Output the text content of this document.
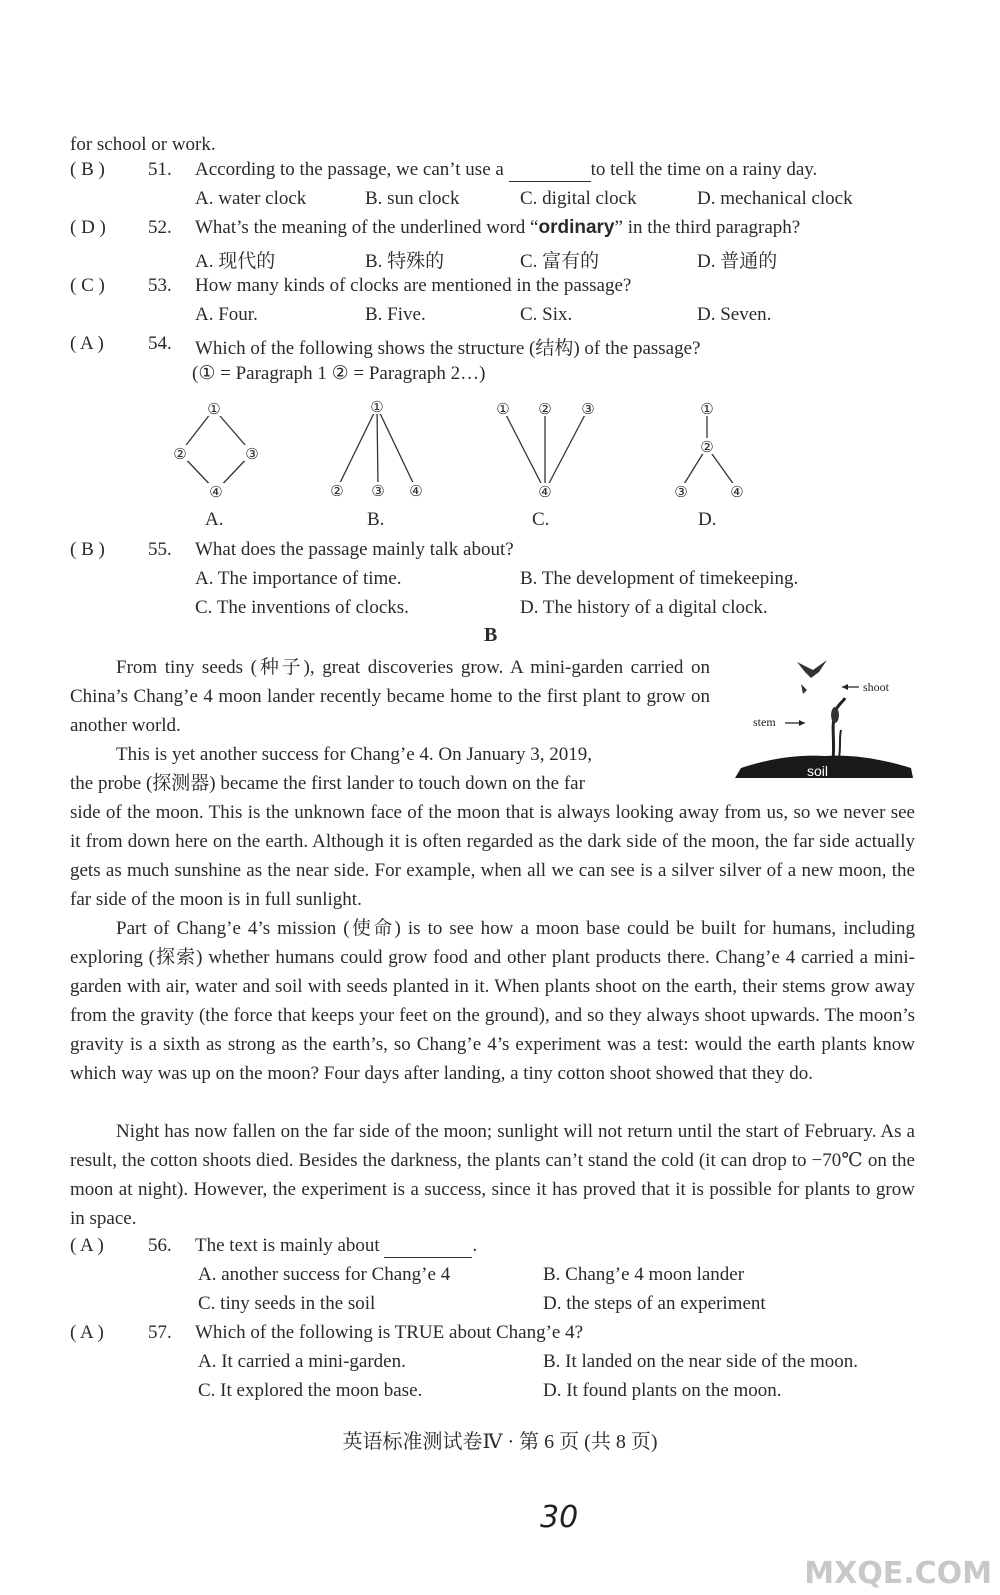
for school or work.
( B ) 51. According to the passage, we can’t use a	to tell the time on a rainy day.
A. water clock	B. sun clock	C. digital clock	D. mechanical clock
( D ) 52. What’s the meaning of the underlined word “ordinary” in the third paragraph?
A. 现代的	B. 特殊的	C. 富有的	D. 普通的
( C ) 53. How many kinds of clocks are mentioned in the passage?
A. Four.	B. Five.	C. Six.	D. Seven.
( A ) 54. Which of the following shows the structure (结构) of the passage?
(① = Paragraph 1 ② = Paragraph 2…)
①
②	③
④
①
② ③ ④
① ② ③
④
①
②
③	④
A.	B.	C.	D.
( B ) 55. What does the passage mainly talk about?
A. The importance of time.	B. The development of timekeeping.
C. The inventions of clocks.	D. The history of a digital clock.
B
From tiny seeds (种子), great discoveries grow. A mini-garden carried on China’s Chang’e 4 moon lander recently became home to the first plant to grow on another world.
This is yet another success for Chang’e 4. On January 3, 2019,
the probe (探测器) became the first lander to touch down on the far
side of the moon. This is the unknown face of the moon that is always looking away from us, so we never see it from down here on the earth. Although it is often regarded as the dark side of the moon, the far side actually gets as much sunshine as the near side. For example, when all we can see is a silver silver of a new moon, the far side of the moon is in full sunlight.
Part of Chang’e 4’s mission (使命) is to see how a moon base could be built for humans, including exploring (探索) whether humans could grow food and other plant products there. Chang’e 4 carried a mini-garden with air, water and soil with seeds planted in it. When plants shoot on the earth, their stems grow away from the gravity (the force that keeps your feet on the ground), and so they always shoot upwards. The moon’s gravity is a sixth as strong as the earth’s, so Chang’e 4’s experiment was a test: would the earth plants know which way was up on the moon? Four days after landing, a tiny cotton shoot showed that they do.
Night has now fallen on the far side of the moon; sunlight will not return until the start of February. As a result, the cotton shoots died. Besides the darkness, the plants can’t stand the cold (it can drop to −70℃ on the moon at night). However, the experiment is a success, since it has proved that it is possible for plants to grow in space.
shoot
stem
soil
( A ) 56. The text is mainly about	.
A. another success for Chang’e 4	B. Chang’e 4 moon lander
C. tiny seeds in the soil	D. the steps of an experiment
( A ) 57. Which of the following is TRUE about Chang’e 4?
A. It carried a mini-garden.	B. It landed on the near side of the moon.
C. It explored the moon base.	D. It found plants on the moon.
英语标准测试卷Ⅳ · 第 6 页 (共 8 页)
30
MXQE.COM
